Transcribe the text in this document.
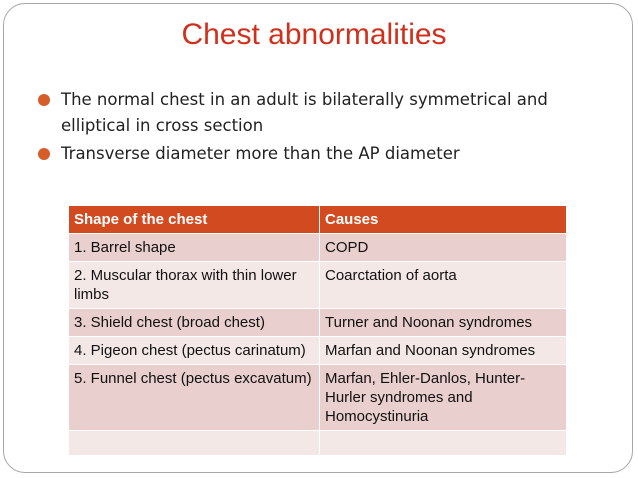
Chest abnormalities
The normal chest in an adult is bilaterally symmetrical and elliptical in cross section
Transverse diameter more than the AP diameter
Shape of the chest	Causes
1. Barrel shape	COPD
2. Muscular thorax with thin lower limbs	Coarctation of aorta
3. Shield chest (broad chest)	Turner and Noonan syndromes
4. Pigeon chest (pectus carinatum)	Marfan and Noonan syndromes
5. Funnel chest (pectus excavatum)	Marfan, Ehler-Danlos, Hunter-Hurler syndromes and Homocystinuria
